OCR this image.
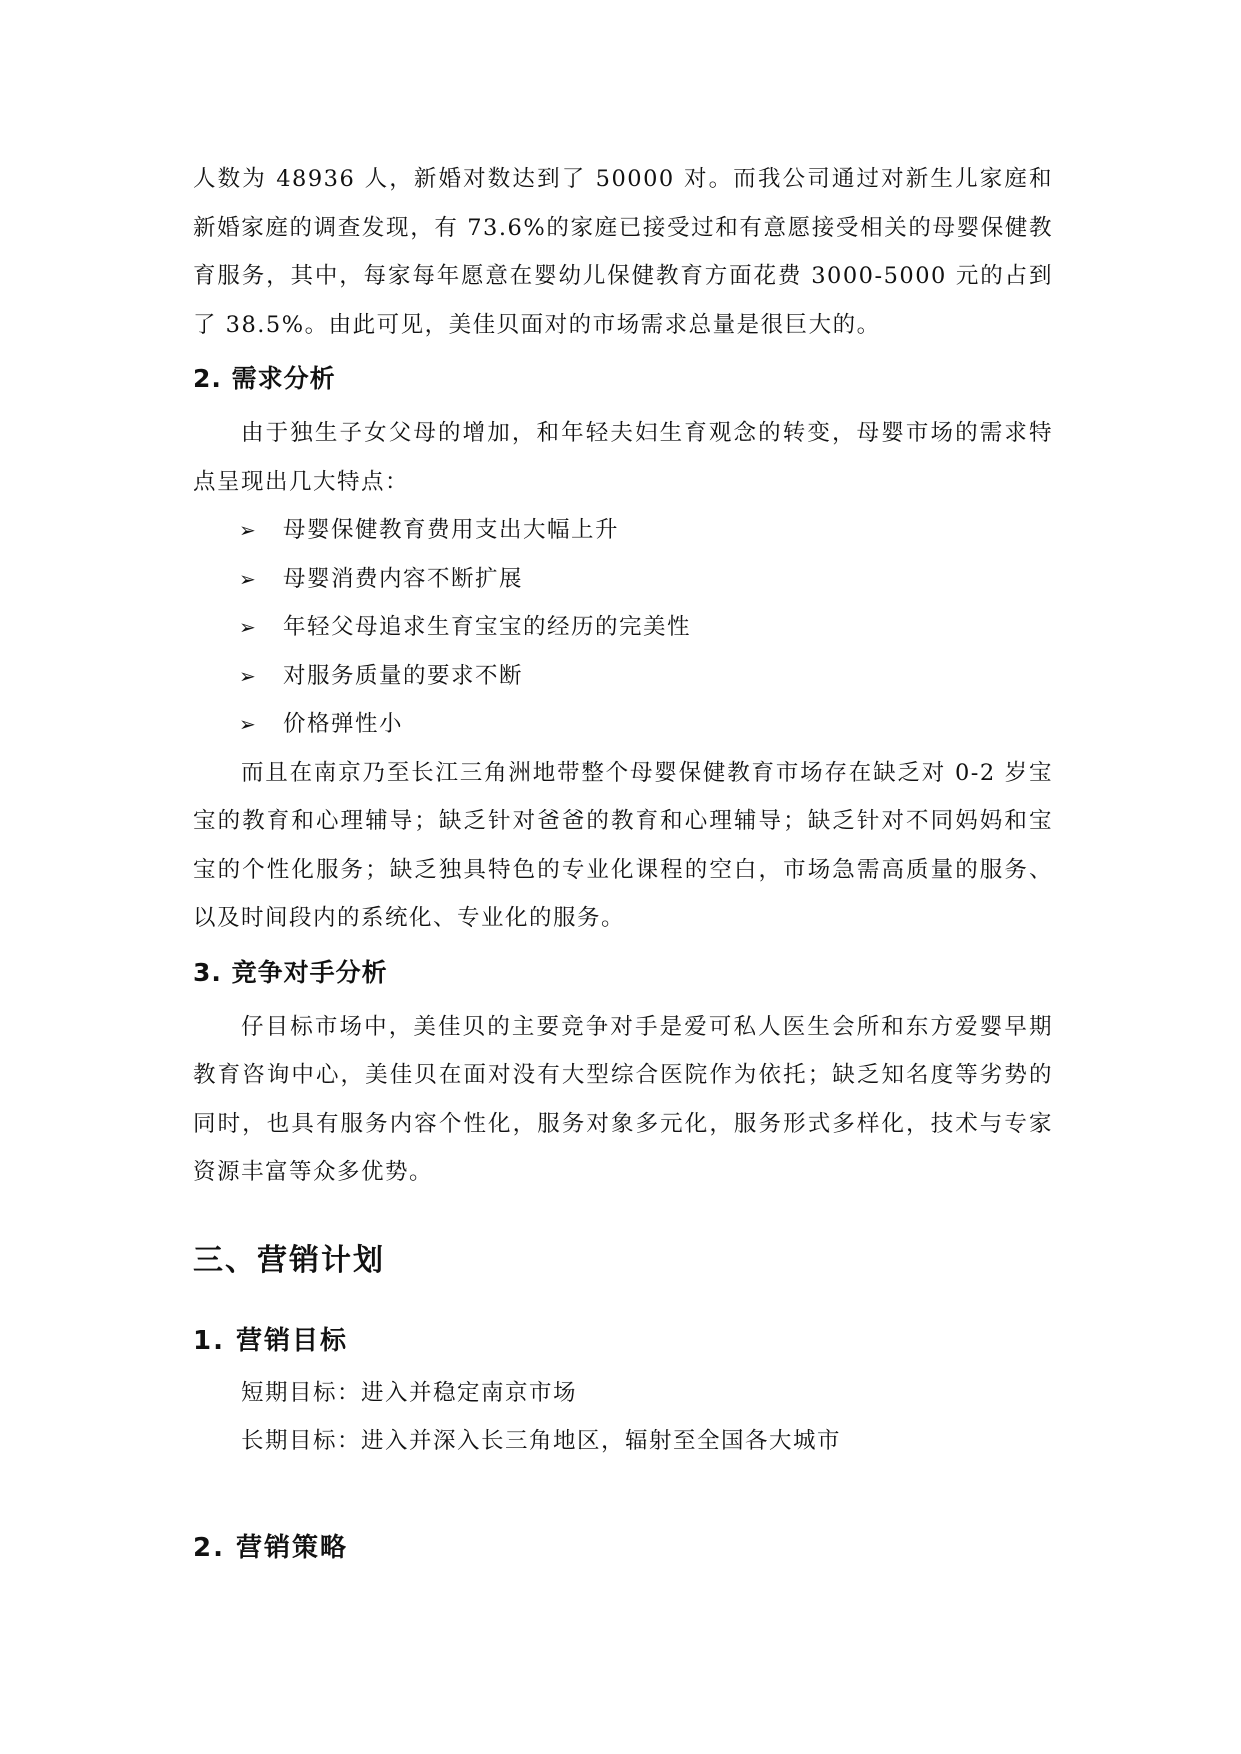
人数为 48936 人，新婚对数达到了 50000 对。而我公司通过对新生儿家庭和新婚家庭的调查发现，有 73.6%的家庭已接受过和有意愿接受相关的母婴保健教育服务，其中，每家每年愿意在婴幼儿保健教育方面花费 3000-5000 元的占到了 38.5%。由此可见，美佳贝面对的市场需求总量是很巨大的。

2. 需求分析

由于独生子女父母的增加，和年轻夫妇生育观念的转变，母婴市场的需求特点呈现出几大特点：

➢	母婴保健教育费用支出大幅上升
➢	母婴消费内容不断扩展
➢	年轻父母追求生育宝宝的经历的完美性
➢	对服务质量的要求不断
➢	价格弹性小

而且在南京乃至长江三角洲地带整个母婴保健教育市场存在缺乏对 0-2 岁宝宝的教育和心理辅导；缺乏针对爸爸的教育和心理辅导；缺乏针对不同妈妈和宝宝的个性化服务；缺乏独具特色的专业化课程的空白，市场急需高质量的服务、以及时间段内的系统化、专业化的服务。

3. 竞争对手分析

仔目标市场中，美佳贝的主要竞争对手是爱可私人医生会所和东方爱婴早期教育咨询中心，美佳贝在面对没有大型综合医院作为依托；缺乏知名度等劣势的同时，也具有服务内容个性化，服务对象多元化，服务形式多样化，技术与专家资源丰富等众多优势。

三、营销计划
1. 营销目标

短期目标：进入并稳定南京市场

长期目标：进入并深入长三角地区，辐射至全国各大城市

2. 营销策略
